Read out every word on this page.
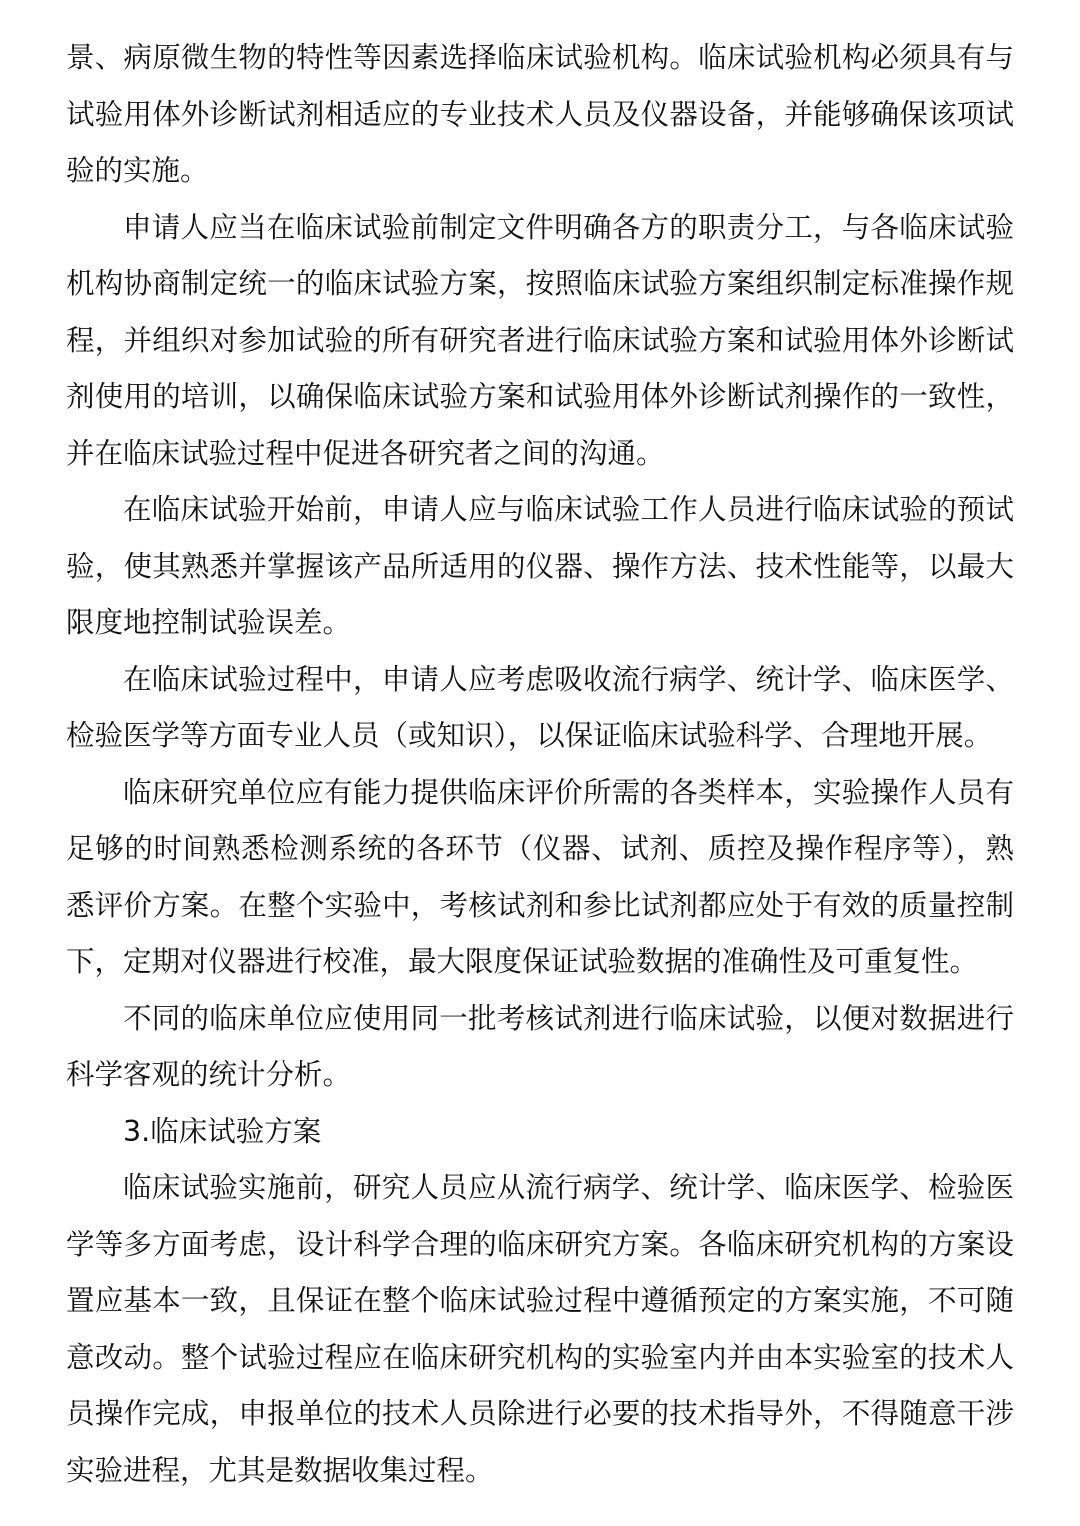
景、病原微生物的特性等因素选择临床试验机构。临床试验机构必须具有与
试验用体外诊断试剂相适应的专业技术人员及仪器设备，并能够确保该项试
验的实施。
申请人应当在临床试验前制定文件明确各方的职责分工，与各临床试验
机构协商制定统一的临床试验方案，按照临床试验方案组织制定标准操作规
程，并组织对参加试验的所有研究者进行临床试验方案和试验用体外诊断试
剂使用的培训，以确保临床试验方案和试验用体外诊断试剂操作的一致性，
并在临床试验过程中促进各研究者之间的沟通。
在临床试验开始前，申请人应与临床试验工作人员进行临床试验的预试
验，使其熟悉并掌握该产品所适用的仪器、操作方法、技术性能等，以最大
限度地控制试验误差。
在临床试验过程中，申请人应考虑吸收流行病学、统计学、临床医学、
检验医学等方面专业人员（或知识），以保证临床试验科学、合理地开展。
临床研究单位应有能力提供临床评价所需的各类样本，实验操作人员有
足够的时间熟悉检测系统的各环节（仪器、试剂、质控及操作程序等），熟
悉评价方案。在整个实验中，考核试剂和参比试剂都应处于有效的质量控制
下，定期对仪器进行校准，最大限度保证试验数据的准确性及可重复性。
不同的临床单位应使用同一批考核试剂进行临床试验，以便对数据进行
科学客观的统计分析。
3.临床试验方案
临床试验实施前，研究人员应从流行病学、统计学、临床医学、检验医
学等多方面考虑，设计科学合理的临床研究方案。各临床研究机构的方案设
置应基本一致，且保证在整个临床试验过程中遵循预定的方案实施，不可随
意改动。整个试验过程应在临床研究机构的实验室内并由本实验室的技术人
员操作完成，申报单位的技术人员除进行必要的技术指导外，不得随意干涉
实验进程，尤其是数据收集过程。
